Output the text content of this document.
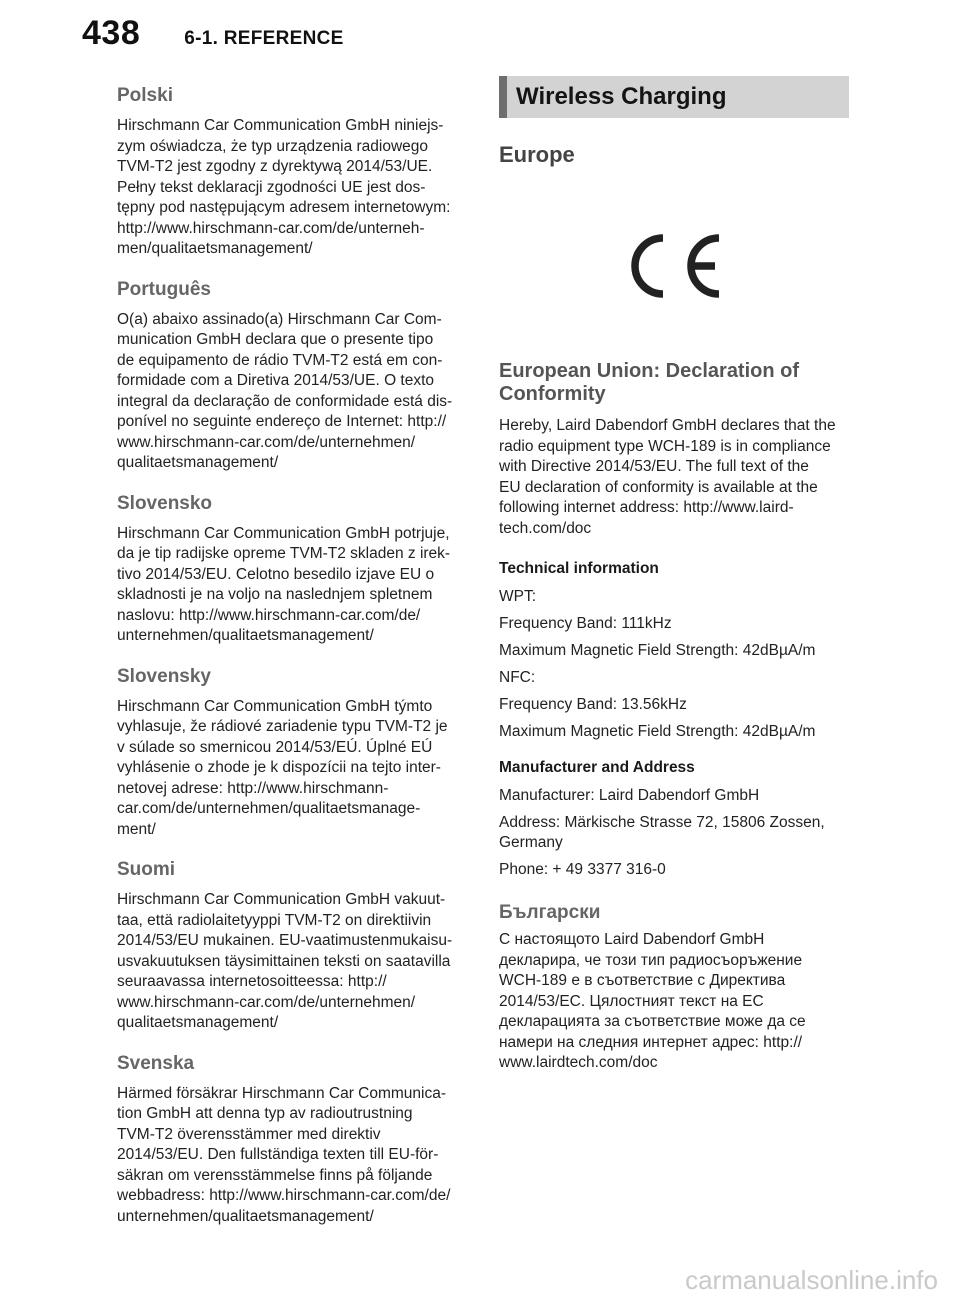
438 6-1. REFERENCE
Polski
Hirschmann Car Communication GmbH niniejs-
zym oświadcza, że typ urządzenia radiowego
TVM-T2 jest zgodny z dyrektywą 2014/53/UE.
Pełny tekst deklaracji zgodności UE jest dos-
tępny pod następującym adresem internetowym:
http://www.hirschmann-car.com/de/unterneh-
men/qualitaetsmanagement/
Português
O(a) abaixo assinado(a) Hirschmann Car Com-
munication GmbH declara que o presente tipo
de equipamento de rádio TVM-T2 está em con-
formidade com a Diretiva 2014/53/UE. O texto
integral da declaração de conformidade está dis-
ponível no seguinte endereço de Internet: http://
www.hirschmann-car.com/de/unternehmen/
qualitaetsmanagement/
Slovensko
Hirschmann Car Communication GmbH potrjuje,
da je tip radijske opreme TVM-T2 skladen z irek-
tivo 2014/53/EU. Celotno besedilo izjave EU o
skladnosti je na voljo na naslednjem spletnem
naslovu: http://www.hirschmann-car.com/de/
unternehmen/qualitaetsmanagement/
Slovensky
Hirschmann Car Communication GmbH týmto
vyhlasuje, že rádiové zariadenie typu TVM-T2 je
v súlade so smernicou 2014/53/EÚ. Úplné EÚ
vyhlásenie o zhode je k dispozícii na tejto inter-
netovej adrese: http://www.hirschmann-
car.com/de/unternehmen/qualitaetsmanage-
ment/
Suomi
Hirschmann Car Communication GmbH vakuut-
taa, että radiolaitetyyppi TVM-T2 on direktiivin
2014/53/EU mukainen. EU-vaatimustenmukaisu-
usvakuutuksen täysimittainen teksti on saatavilla
seuraavassa internetosoitteessa: http://
www.hirschmann-car.com/de/unternehmen/
qualitaetsmanagement/
Svenska
Härmed försäkrar Hirschmann Car Communica-
tion GmbH att denna typ av radioutrustning
TVM-T2 överensstämmer med direktiv
2014/53/EU. Den fullständiga texten till EU-för-
säkran om verensstämmelse finns på följande
webbadress: http://www.hirschmann-car.com/de/
unternehmen/qualitaetsmanagement/
Wireless Charging
Europe
European Union: Declaration of
Conformity
Hereby, Laird Dabendorf GmbH declares that the
radio equipment type WCH-189 is in compliance
with Directive 2014/53/EU. The full text of the
EU declaration of conformity is available at the
following internet address: http://www.laird-
tech.com/doc
Technical information
WPT:
Frequency Band: 111kHz
Maximum Magnetic Field Strength: 42dBµA/m
NFC:
Frequency Band: 13.56kHz
Maximum Magnetic Field Strength: 42dBµA/m
Manufacturer and Address
Manufacturer: Laird Dabendorf GmbH
Address: Märkische Strasse 72, 15806 Zossen,
Germany
Phone: + 49 3377 316-0
Български
С настоящото Laird Dabendorf GmbH
декларира, че този тип радиосъоръжение
WCH-189 е в съответствие с Директива
2014/53/ЕС. Цялостният текст на ЕС
декларацията за съответствие може да се
намери на следния интернет адрес: http://
www.lairdtech.com/doc
carmanualsonline.info
